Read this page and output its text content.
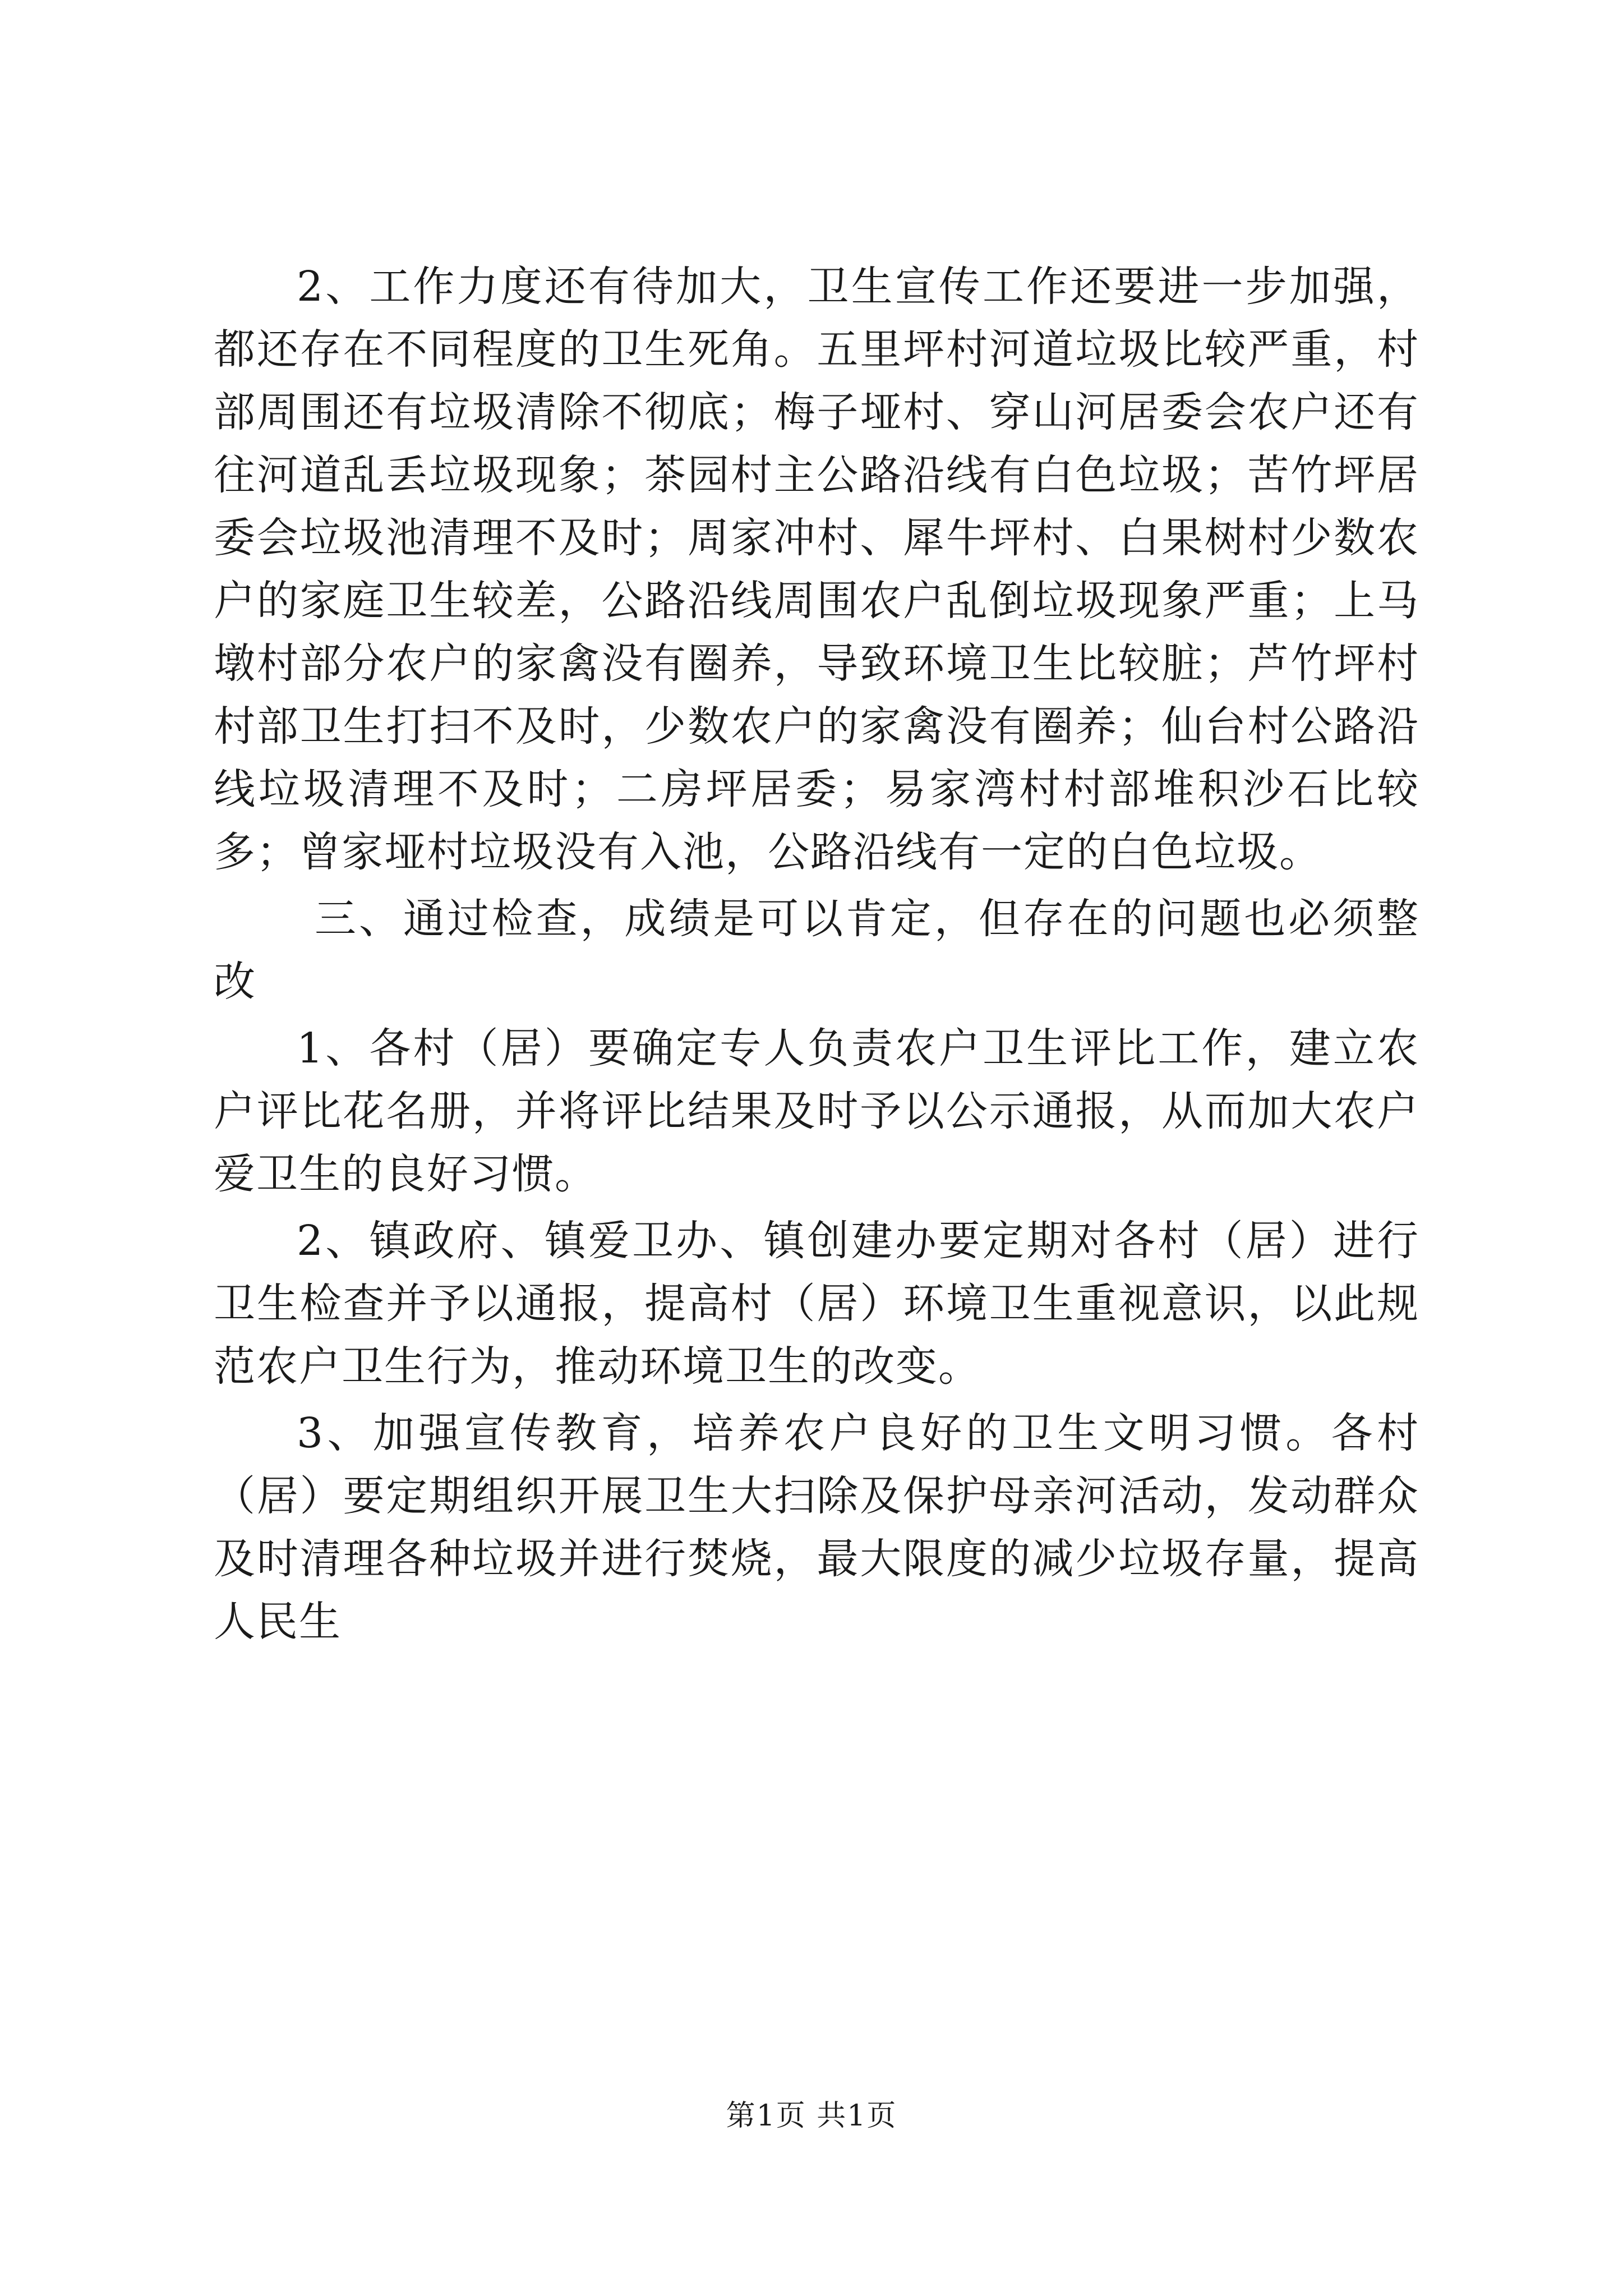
2、工作力度还有待加大，卫生宣传工作还要进一步加强，都还存在不同程度的卫生死角。五里坪村河道垃圾比较严重，村部周围还有垃圾清除不彻底；梅子垭村、穿山河居委会农户还有往河道乱丢垃圾现象；茶园村主公路沿线有白色垃圾；苦竹坪居委会垃圾池清理不及时；周家冲村、犀牛坪村、白果树村少数农户的家庭卫生较差，公路沿线周围农户乱倒垃圾现象严重；上马墩村部分农户的家禽没有圈养，导致环境卫生比较脏；芦竹坪村村部卫生打扫不及时，少数农户的家禽没有圈养；仙台村公路沿线垃圾清理不及时；二房坪居委；易家湾村村部堆积沙石比较多；曾家垭村垃圾没有入池，公路沿线有一定的白色垃圾。

三、通过检查，成绩是可以肯定，但存在的问题也必须整改

1、各村（居）要确定专人负责农户卫生评比工作，建立农户评比花名册，并将评比结果及时予以公示通报，从而加大农户爱卫生的良好习惯。

2、镇政府、镇爱卫办、镇创建办要定期对各村（居）进行卫生检查并予以通报，提高村（居）环境卫生重视意识，以此规范农户卫生行为，推动环境卫生的改变。

3、加强宣传教育，培养农户良好的卫生文明习惯。各村（居）要定期组织开展卫生大扫除及保护母亲河活动，发动群众及时清理各种垃圾并进行焚烧，最大限度的减少垃圾存量，提高人民生

第1页 共1页
